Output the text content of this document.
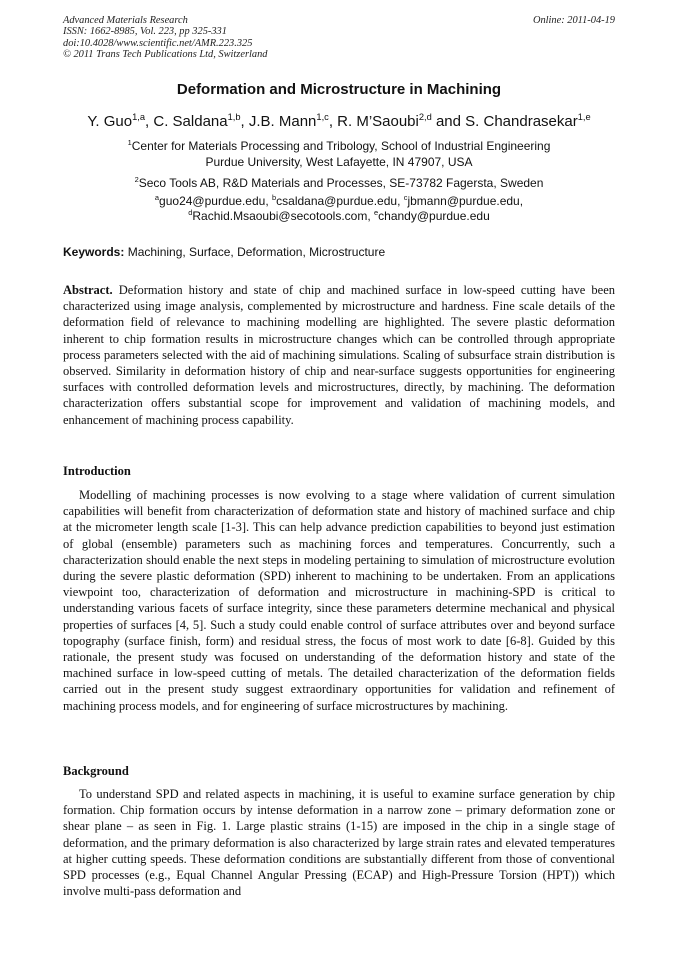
Advanced Materials Research
ISSN: 1662-8985, Vol. 223, pp 325-331
doi:10.4028/www.scientific.net/AMR.223.325
© 2011 Trans Tech Publications Ltd, Switzerland
Online: 2011-04-19
Deformation and Microstructure in Machining
Y. Guo$^{1,a}$, C. Saldana$^{1,b}$, J.B. Mann$^{1,c}$, R. M’Saoubi$^{2,d}$ and S. Chandrasekar$^{1,e}$
$^1$Center for Materials Processing and Tribology, School of Industrial Engineering
Purdue University, West Lafayette, IN 47907, USA
$^2$Seco Tools AB, R&D Materials and Processes, SE-73782 Fagersta, Sweden
$^a$guo24@purdue.edu, $^b$csaldana@purdue.edu, $^c$jbmann@purdue.edu,
$^d$Rachid.Msaoubi@secotools.com, $^e$chandy@purdue.edu
Keywords: Machining, Surface, Deformation, Microstructure

Abstract. Deformation history and state of chip and machined surface in low-speed cutting have been characterized using image analysis, complemented by microstructure and hardness. Fine scale details of the deformation field of relevance to machining modelling are highlighted. The severe plastic deformation inherent to chip formation results in microstructure changes which can be controlled through appropriate process parameters selected with the aid of machining simulations. Scaling of subsurface strain distribution is observed. Similarity in deformation history of chip and near-surface suggests opportunities for engineering surfaces with controlled deformation levels and microstructures, directly, by machining. The deformation characterization offers substantial scope for improvement and validation of machining models, and enhancement of machining process capability.

Introduction

Modelling of machining processes is now evolving to a stage where validation of current simulation capabilities will benefit from characterization of deformation state and history of machined surface and chip at the micrometer length scale [1-3]. This can help advance prediction capabilities to beyond just estimation of global (ensemble) parameters such as machining forces and temperatures. Concurrently, such a characterization should enable the next steps in modeling pertaining to simulation of microstructure evolution during the severe plastic deformation (SPD) inherent to machining to be undertaken. From an applications viewpoint too, characterization of deformation and microstructure in machining-SPD is critical to understanding various facets of surface integrity, since these parameters determine mechanical and physical properties of surfaces [4, 5]. Such a study could enable control of surface attributes over and beyond surface topography (surface finish, form) and residual stress, the focus of most work to date [6-8]. Guided by this rationale, the present study was focused on understanding of the deformation history and state of the machined surface in low-speed cutting of metals. The detailed characterization of the deformation fields carried out in the present study suggest extraordinary opportunities for validation and refinement of machining process models, and for engineering of surface microstructures by machining.

Background

To understand SPD and related aspects in machining, it is useful to examine surface generation by chip formation. Chip formation occurs by intense deformation in a narrow zone – primary deformation zone or shear plane – as seen in Fig. 1. Large plastic strains (1-15) are imposed in the chip in a single stage of deformation, and the primary deformation is also characterized by large strain rates and elevated temperatures at higher cutting speeds. These deformation conditions are substantially different from those of conventional SPD processes (e.g., Equal Channel Angular Pressing (ECAP) and High-Pressure Torsion (HPT)) which involve multi-pass deformation and
